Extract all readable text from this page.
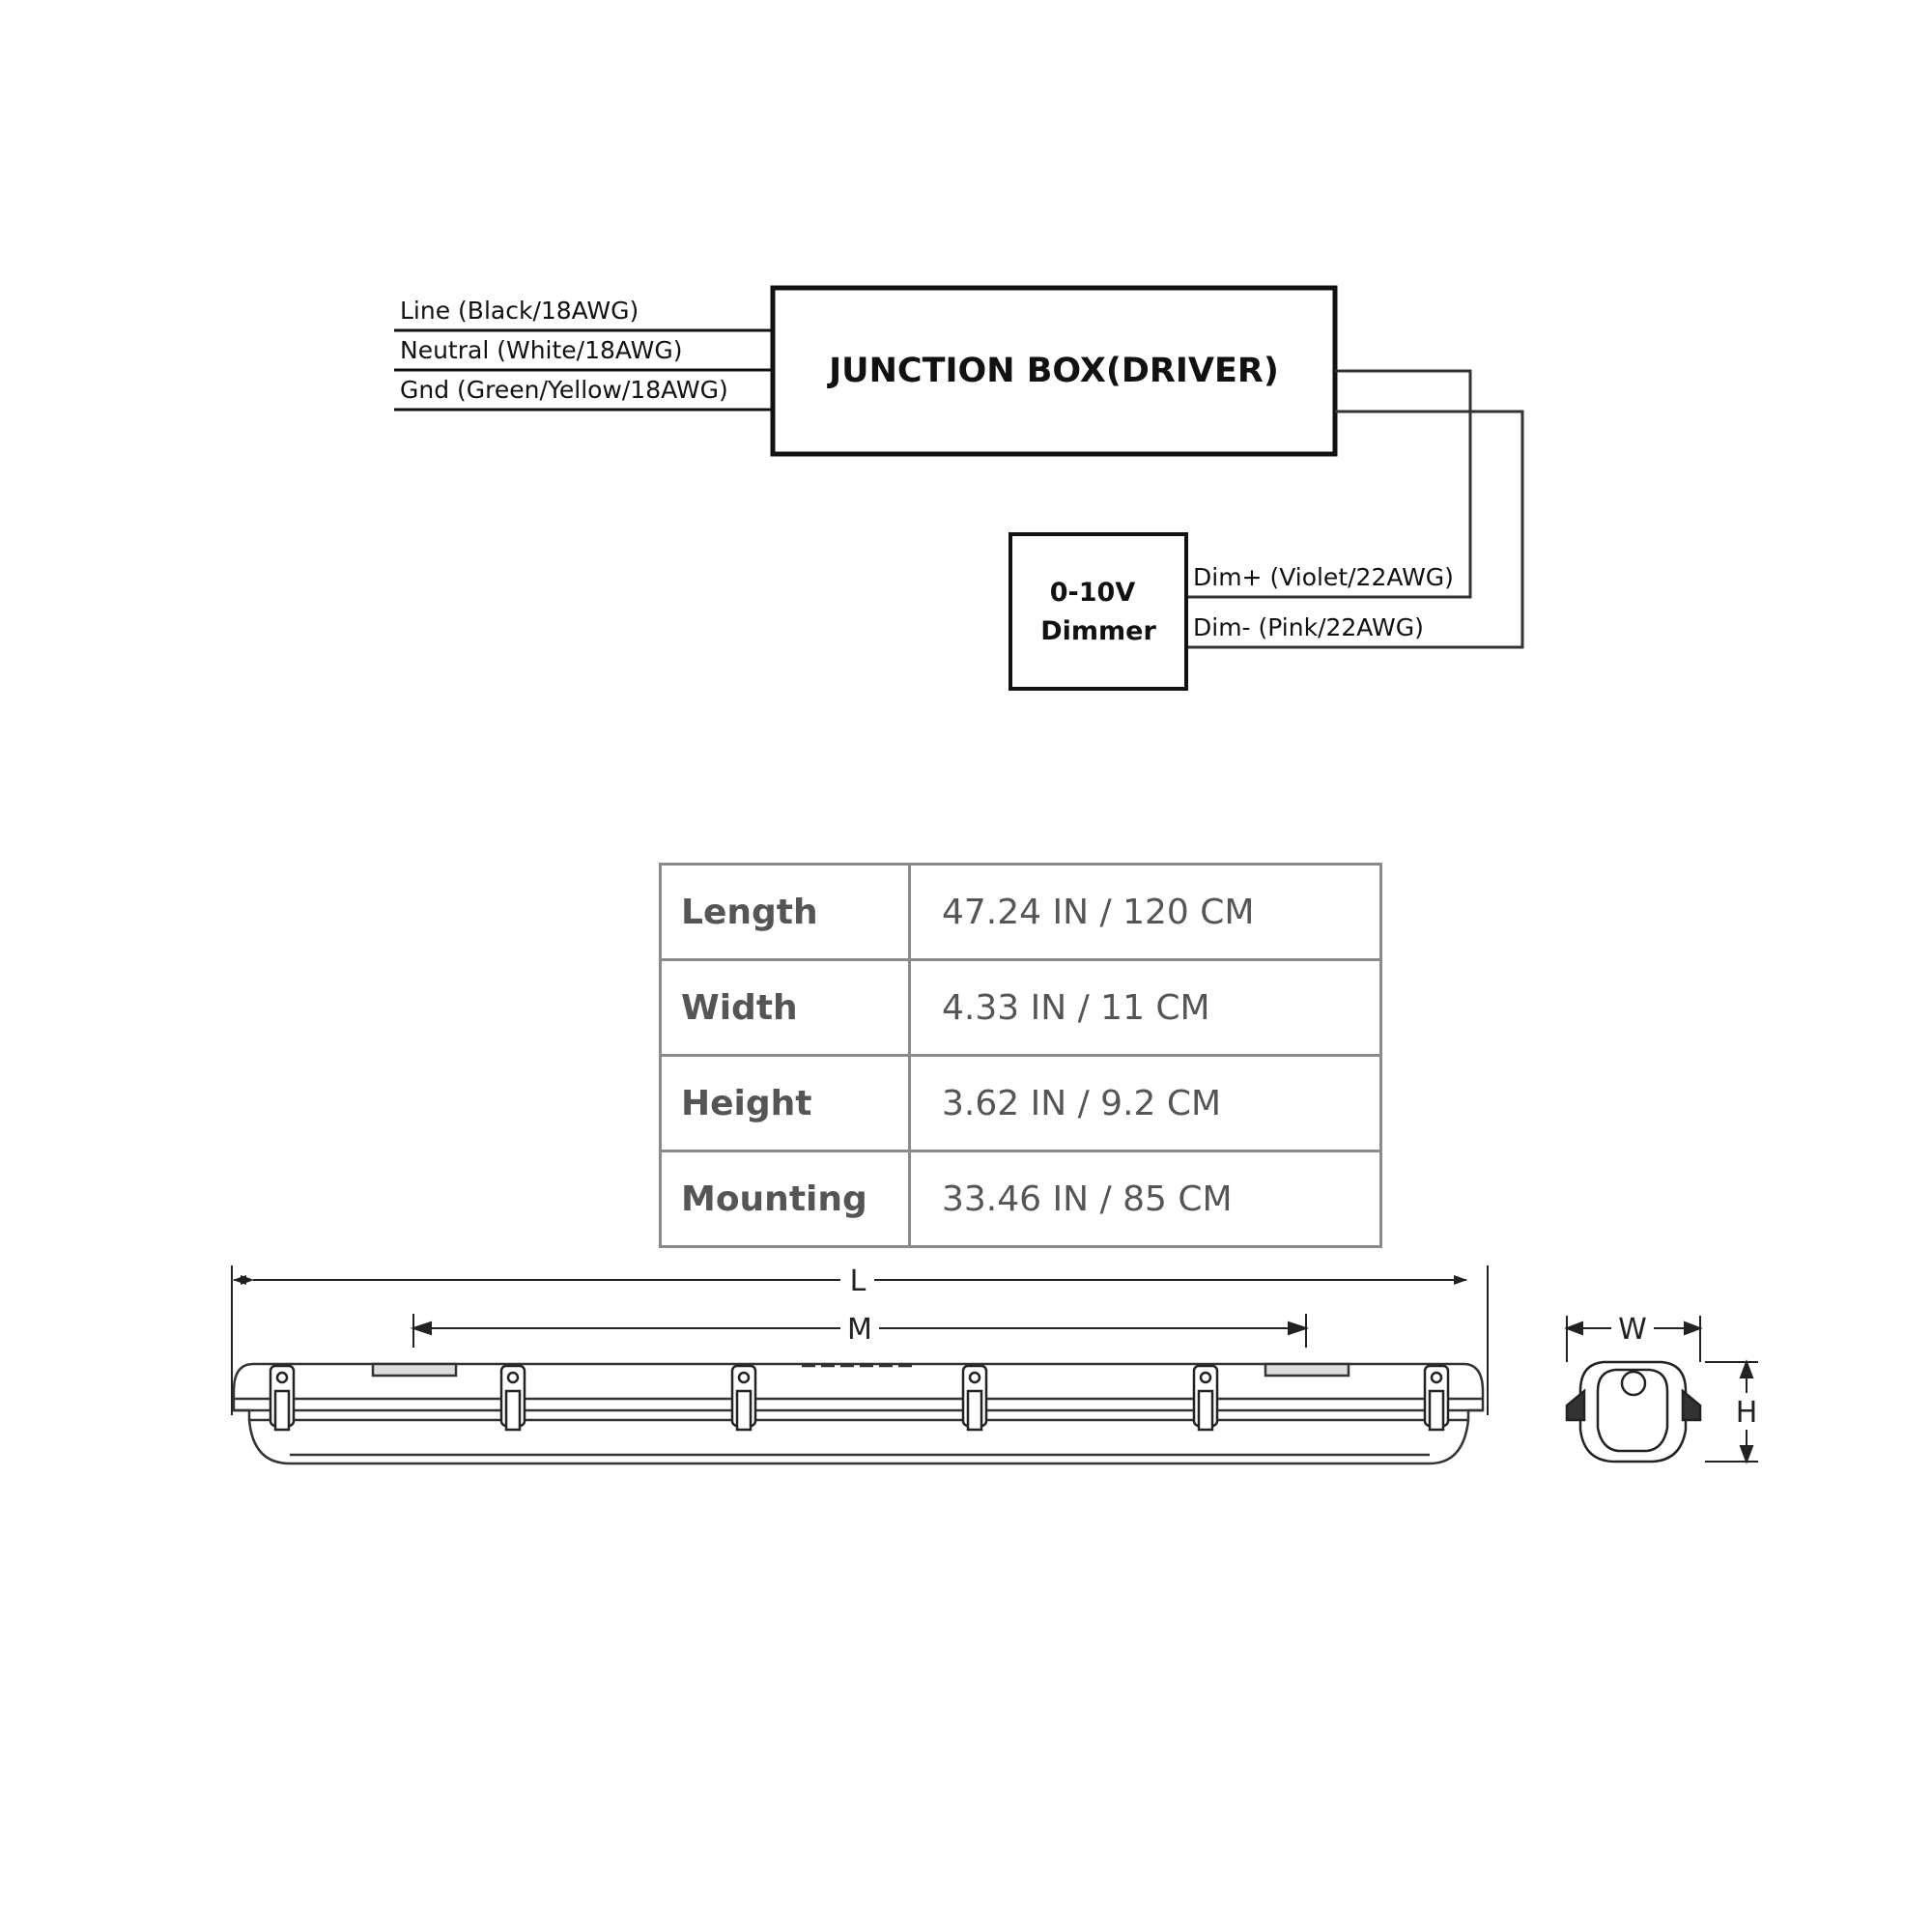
Line (Black/18AWG)
Neutral (White/18AWG)
Gnd (Green/Yellow/18AWG)	JUNCTION BOX(DRIVER)
0-10V
Dimmer
Dim+ (Violet/22AWG)
Dim- (Pink/22AWG)
L
M	W
H
Length	47.24 IN / 120 CM
Width	4.33 IN / 11 CM
Height	3.62 IN / 9.2 CM
Mounting	33.46 IN / 85 CM
